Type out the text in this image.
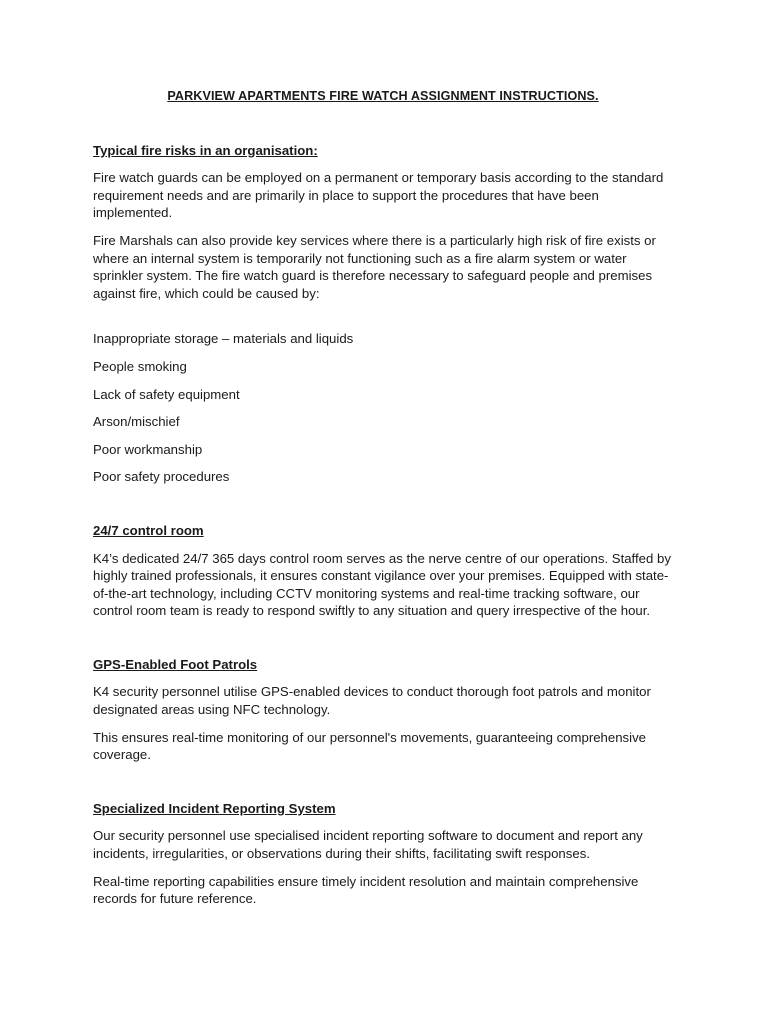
PARKVIEW APARTMENTS FIRE WATCH ASSIGNMENT INSTRUCTIONS.
Typical fire risks in an organisation:

Fire watch guards can be employed on a permanent or temporary basis according to the standard requirement needs and are primarily in place to support the procedures that have been implemented.

Fire Marshals can also provide key services where there is a particularly high risk of fire exists or where an internal system is temporarily not functioning such as a fire alarm system or water sprinkler system. The fire watch guard is therefore necessary to safeguard people and premises against fire, which could be caused by:

Inappropriate storage – materials and liquids
People smoking
Lack of safety equipment
Arson/mischief
Poor workmanship
Poor safety procedures
24/7 control room

K4’s dedicated 24/7 365 days control room serves as the nerve centre of our operations. Staffed by highly trained professionals, it ensures constant vigilance over your premises. Equipped with state-of-the-art technology, including CCTV monitoring systems and real-time tracking software, our control room team is ready to respond swiftly to any situation and query irrespective of the hour.

GPS-Enabled Foot Patrols

K4 security personnel utilise GPS-enabled devices to conduct thorough foot patrols and monitor designated areas using NFC technology.

This ensures real-time monitoring of our personnel's movements, guaranteeing comprehensive coverage.

Specialized Incident Reporting System

Our security personnel use specialised incident reporting software to document and report any incidents, irregularities, or observations during their shifts, facilitating swift responses.

Real-time reporting capabilities ensure timely incident resolution and maintain comprehensive records for future reference.
